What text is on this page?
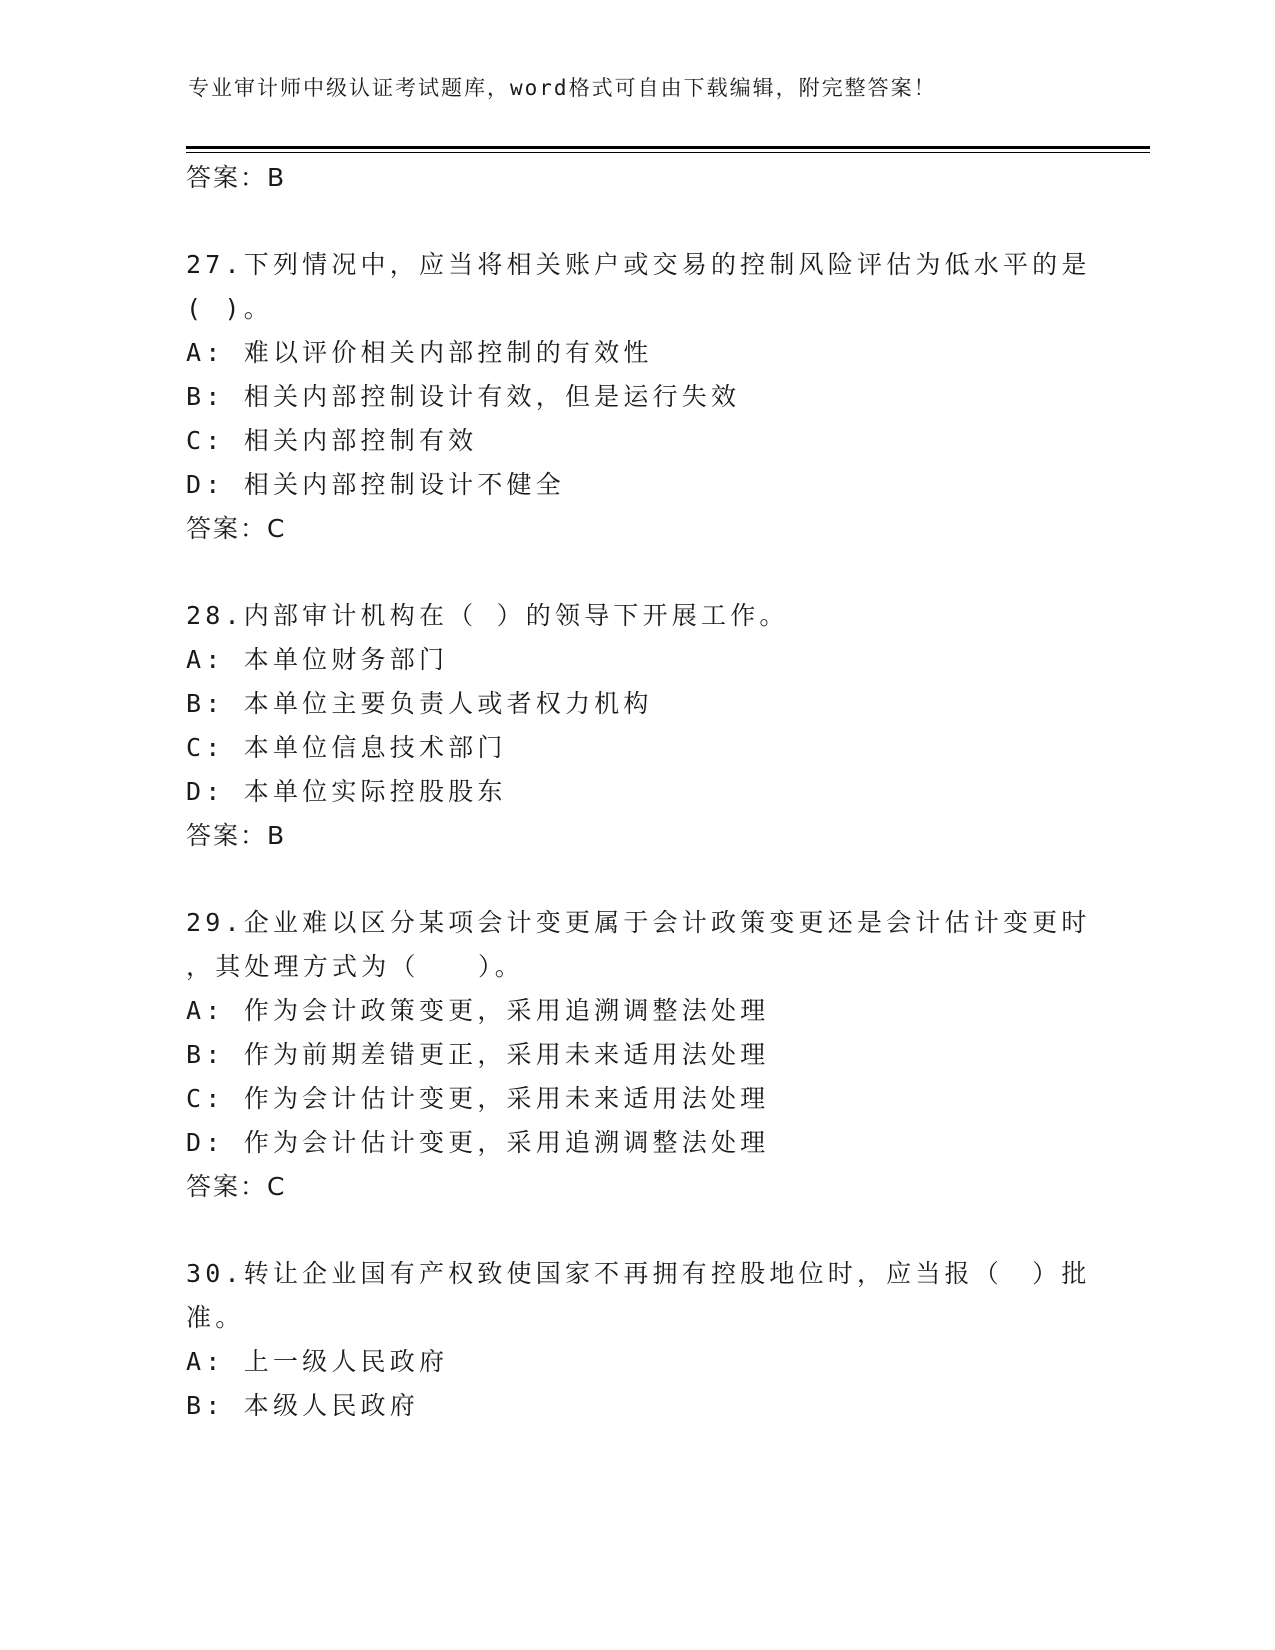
专业审计师中级认证考试题库，word格式可自由下载编辑，附完整答案！
答案：B
27.下列情况中，应当将相关账户或交易的控制风险评估为低水平的是
( )。
A: 难以评价相关内部控制的有效性
B: 相关内部控制设计有效，但是运行失效
C: 相关内部控制有效
D: 相关内部控制设计不健全
答案：C
28.内部审计机构在（ ）的领导下开展工作。
A: 本单位财务部门
B: 本单位主要负责人或者权力机构
C: 本单位信息技术部门
D: 本单位实际控股股东
答案：B
29.企业难以区分某项会计变更属于会计政策变更还是会计估计变更时
，其处理方式为（　　）。
A: 作为会计政策变更，采用追溯调整法处理
B: 作为前期差错更正，采用未来适用法处理
C: 作为会计估计变更，采用未来适用法处理
D: 作为会计估计变更，采用追溯调整法处理
答案：C
30.转让企业国有产权致使国家不再拥有控股地位时，应当报（　）批
准。
A: 上一级人民政府
B: 本级人民政府
